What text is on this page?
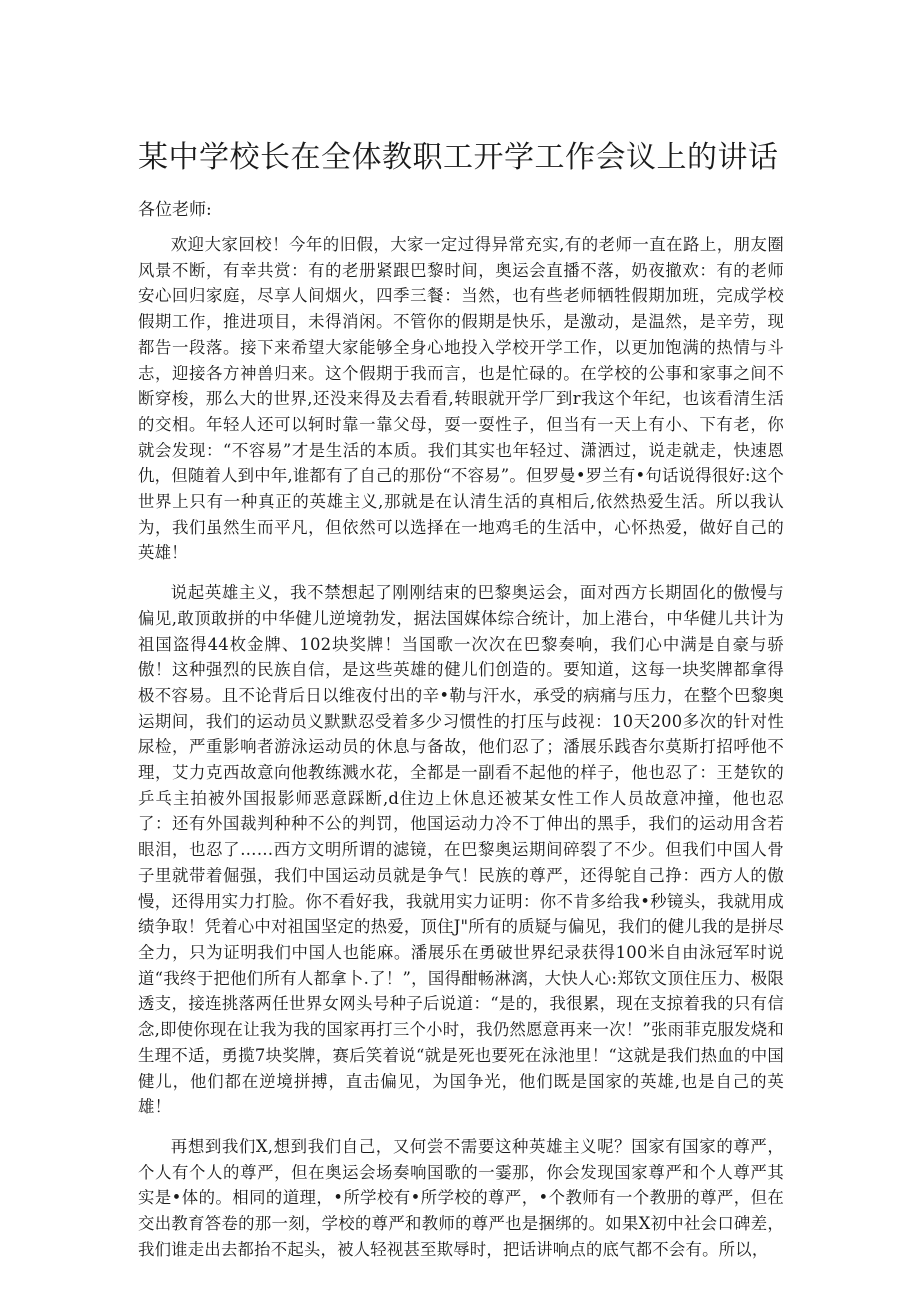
某中学校长在全体教职工开学工作会议上的讲话

各位老师:

欢迎大家回校！今年的旧假，大家一定过得异常充实,有的老师一直在路上，朋友圈风景不断，有幸共赏：有的老册紧跟巴黎时间，奥运会直播不落，奶夜撤欢：有的老师安心回归家庭，尽享人间烟火，四季三餐：当然，也有些老师牺牲假期加班，完成学校假期工作，推进项目，未得消闲。不管你的假期是快乐，是激动，是温然，是辛劳，现都告一段落。接下来希望大家能够全身心地投入学校开学工作，以更加饱满的热情与斗志，迎接各方神兽归来。这个假期于我而言，也是忙碌的。在学校的公事和家事之间不断穿梭，那么大的世界,还没来得及去看看,转眼就开学厂到r我这个年纪，也该看清生活的交相。年轻人还可以轲时靠一靠父母，耍一耍性子，但当有一天上有小、下有老，你就会发现：“不容易”才是生活的本质。我们其实也年轻过、潇洒过，说走就走，快速恩仇，但随着人到中年,谁都有了自己的那份“不容易”。但罗曼•罗兰有•句话说得很好:这个世界上只有一种真正的英雄主义,那就是在认清生活的真相后,依然热爱生活。所以我认为，我们虽然生而平凡，但依然可以选择在一地鸡毛的生活中，心怀热爱，做好自己的英雄！

说起英雄主义，我不禁想起了刚刚结束的巴黎奥运会，面对西方长期固化的傲慢与偏见,敢顶敢拼的中华健儿逆境勃发，据法国媒体综合统计，加上港台，中华健儿共计为祖国盗得44枚金牌、102块奖牌！当国歌一次次在巴黎奏响，我们心中满是自豪与骄傲！这种强烈的民族自信，是这些英雄的健儿们创造的。要知道，这每一块奖牌都拿得极不容易。且不论背后日以维夜付出的辛•勒与汗水，承受的病痛与压力，在整个巴黎奥运期间，我们的运动员义默默忍受着多少习惯性的打压与歧视：10天200多次的针对性尿检，严重影响者游泳运动员的休息与备故，他们忍了；潘展乐践杳尔莫斯打招呼他不理，艾力克西故意向他教练溅水花，全都是一副看不起他的样子，他也忍了：王楚钦的乒乓主拍被外国报影师恶意踩断,d住边上休息还被某女性工作人员故意冲撞，他也忍了：还有外国裁判种种不公的判罚，他国运动力冷不丁伸出的黑手，我们的运动用含若眼泪，也忍了……西方文明所谓的滤镜，在巴黎奥运期间碎裂了不少。但我们中国人骨子里就带着倔强，我们中国运动员就是争气！民族的尊严，还得鸵自己挣：西方人的傲慢，还得用实力打脸。你不看好我，我就用实力证明：你不肯多给我•秒镜头，我就用成绩争取！凭着心中对祖国坚定的热爱，顶住J"所有的质疑与偏见，我们的健儿我的是拼尽全力，只为证明我们中国人也能麻。潘展乐在勇破世界纪录获得100米自由泳冠军时说道“我终于把他们所有人都拿卜.了！”，国得酣畅淋漓，大快人心:郑钦文顶住压力、极限透支，接连挑落两任世界女网头号种子后说道：“是的，我很累，现在支掠着我的只有信念,即使你现在让我为我的国家再打三个小时，我仍然愿意再来一次！”张雨菲克服发烧和生理不适，勇揽7块奖牌，赛后笑着说“就是死也要死在泳池里！“这就是我们热血的中国健儿，他们都在逆境拼搏，直击偏见，为国争光，他们既是国家的英雄,也是自己的英雄！

再想到我们X,想到我们自己，又何尝不需要这种英雄主义呢？国家有国家的尊严，个人有个人的尊严，但在奥运会场奏响国歌的一霎那，你会发现国家尊严和个人尊严其实是•体的。相同的道理，•所学校有•所学校的尊严，•个教师有一个教册的尊严，但在交出教育答卷的那一刻，学校的尊严和教师的尊严也是捆绑的。如果X初中社会口碑差，我们谁走出去都抬不起头，被人轻视甚至欺辱时，把话讲响点的底气都不会有。所以，
